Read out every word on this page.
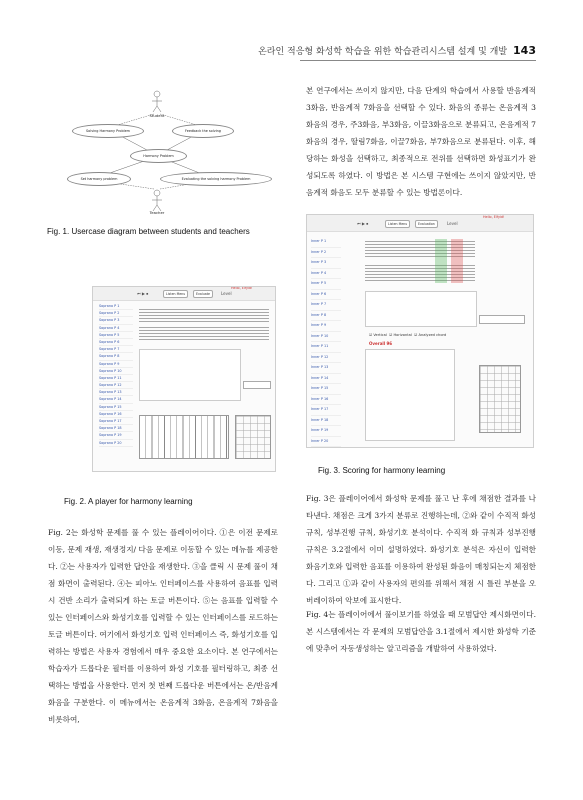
온라인 적응형 화성학 학습을 위한 학습관리시스템 설계 및 개발 143
Student
Solving Harmony Problem	Feedback the solving
Harmony Problem
Set harmony problem	Evaluating the solving harmony Problem
Teacher

Fig. 1. Usercase diagram between students and teachers

⏮ ▶ ⏹	Listen Menu	Evaluate	Level
Hello, Elfyid!
Soprano P 1
Soprano P 2
Soprano P 3
Soprano P 4
Soprano P 5
Soprano P 6
Soprano P 7
Soprano P 8
Soprano P 9
Soprano P 10
Soprano P 11
Soprano P 12
Soprano P 13
Soprano P 14
Soprano P 15
Soprano P 16
Soprano P 17
Soprano P 18
Soprano P 19
Soprano P 20

Fig. 2. A player for harmony learning

Fig. 2는 화성학 문제를 풀 수 있는 플레이어이다. ①은 이전 문제로 이동, 문제 재생, 재생정지/ 다음 문제로 이동할 수 있는 메뉴를 제공한다. ②는 사용자가 입력한 답안을 재생한다. ③을 클릭 시 문제 풀이 채점 화면이 출력된다. ④는 피아노 인터페이스를 사용하여 음표를 입력 시 건반 소리가 출력되게 하는 토글 버튼이다. ⑤는 음표를 입력할 수 있는 인터페이스와 화성기호를 입력할 수 있는 인터페이스를 로드하는 토글 버튼이다. 여기에서 화성기호 입력 인터페이스 즉, 화성기호를 입력하는 방법은 사용자 경험에서 매우 중요한 요소이다. 본 연구에서는 학습자가 드롭다운 필터를 이용하여 화성 기호를 필터링하고, 최종 선택하는 방법을 사용한다. 먼저 첫 번째 드롭다운 버튼에서는 온/반음계 화음을 구분한다. 이 메뉴에서는 온음계적 3화음, 온음계적 7화음을 비롯하여,

본 연구에서는 쓰이지 않지만, 다음 단계의 학습에서 사용할 반음계적 3화음, 반음계적 7화음을 선택할 수 있다. 화음의 종류는 온음계적 3화음의 경우, 주3화음, 부3화음, 이끌3화음으로 분류되고, 온음계적 7화음의 경우, 딸림7화음, 이끌7화음, 부7화음으로 분류된다. 이후, 해당하는 화성을 선택하고, 최종적으로 전위를 선택하면 화성표기가 완성되도록 하였다. 이 방법은 본 시스템 구현에는 쓰이지 않았지만, 반음계적 화음도 모두 분류할 수 있는 방법론이다.

⏮ ▶ ⏹	Listen Menu	Evaluation	Level
Hello, Elfyid!
Inner P 1
Inner P 2
Inner P 3
Inner P 4
Inner P 5
Inner P 6
Inner P 7
Inner P 8
Inner P 9
Inner P 10
Inner P 11
Inner P 12
Inner P 13
Inner P 14
Inner P 15
Inner P 16
Inner P 17
Inner P 18
Inner P 19
Inner P 20
☑ Vertical  ☑ Horizontal  ☑ Analyzed chord
Overall 96

Fig. 3. Scoring for harmony learning

Fig. 3은 플레이어에서 화성학 문제를 풀고 난 후에 채점한 결과를 나타낸다. 채점은 크게 3가지 분류로 진행하는데, ②와 같이 수직적 화성 규칙, 성부진행 규칙, 화성기호 분석이다. 수직적 화 규칙과 성부진행 규칙은 3.2절에서 이미 설명하였다. 화성기호 분석은 자신이 입력한 화음기호와 입력한 음표를 이용하여 완성된 화음이 매칭되는지 체점한다. 그리고 ①과 같이 사용자의 편의를 위해서 채점 시 틀린 부분을 오버레이하여 악보에 표시한다.

Fig. 4는 플레이어에서 풀이보기를 하였을 때 모범답안 제시화면이다. 본 시스템에서는 각 문제의 모범답안을 3.1절에서 제시한 화성학 기준에 맞추어 자동생성하는 알고리즘을 개발하여 사용하였다.
